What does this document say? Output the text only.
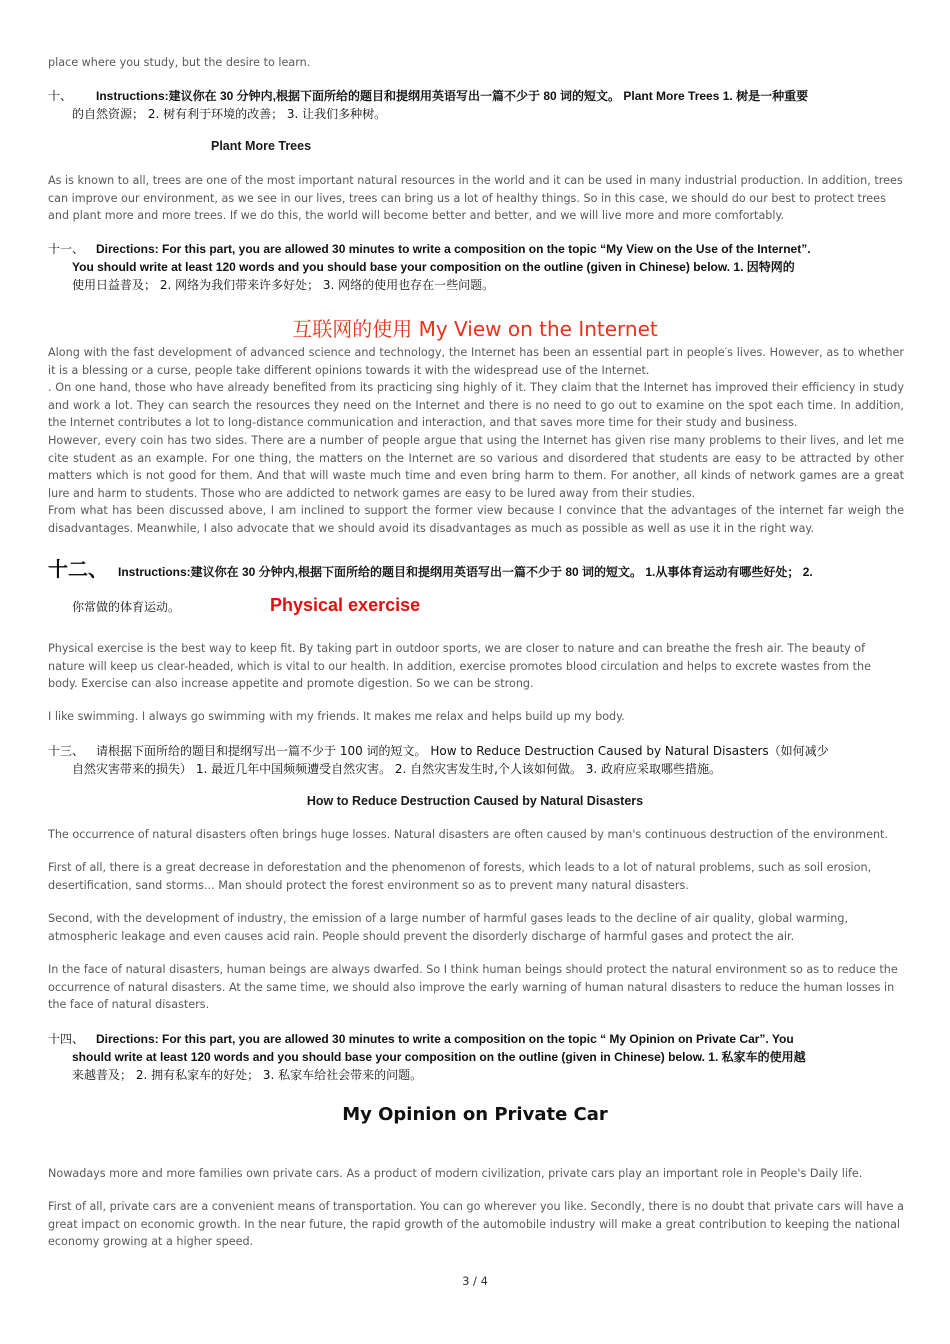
place where you study, but the desire to learn.
十、 Instructions:建议你在 30 分钟内,根据下面所给的题目和提纲用英语写出一篇不少于 80 词的短文。 Plant More Trees 1. 树是一种重要
的自然资源； 2. 树有利于环境的改善； 3. 让我们多种树。
Plant More Trees
As is known to all, trees are one of the most important natural resources in the world and it can be used in many industrial production. In addition, trees can improve our environment, as we see in our lives, trees can bring us a lot of healthy things. So in this case, we should do our best to protect trees and plant more and more trees. If we do this, the world will become better and better, and we will live more and more comfortably.
十一、 Directions: For this part, you are allowed 30 minutes to write a composition on the topic “My View on the Use of the Internet”.
You should write at least 120 words and you should base your composition on the outline (given in Chinese) below. 1. 因特网的
使用日益普及； 2. 网络为我们带来许多好处； 3. 网络的使用也存在一些问题。
互联网的使用 My View on the Internet
Along with the fast development of advanced science and technology, the Internet has been an essential part in people′s lives. However, as to whether it is a blessing or a curse, people take different opinions towards it with the widespread use of the Internet.
. On one hand, those who have already benefited from its practicing sing highly of it. They claim that the Internet has improved their efficiency in study and work a lot. They can search the resources they need on the Internet and there is no need to go out to examine on the spot each time. In addition, the Internet contributes a lot to long-distance communication and interaction, and that saves more time for their study and business.
However, every coin has two sides. There are a number of people argue that using the Internet has given rise many problems to their lives, and let me cite student as an example. For one thing, the matters on the Internet are so various and disordered that students are easy to be attracted by other matters which is not good for them. And that will waste much time and even bring harm to them. For another, all kinds of network games are a great lure and harm to students. Those who are addicted to network games are easy to be lured away from their studies.
From what has been discussed above, I am inclined to support the former view because I convince that the advantages of the internet far weigh the disadvantages. Meanwhile, I also advocate that we should avoid its disadvantages as much as possible as well as use it in the right way.
十二、 Instructions:建议你在 30 分钟内,根据下面所给的题目和提纲用英语写出一篇不少于 80 词的短文。 1.从事体育运动有哪些好处； 2.
你常做的体育运动。	Physical exercise
Physical exercise is the best way to keep fit. By taking part in outdoor sports, we are closer to nature and can breathe the fresh air. The beauty of nature will keep us clear-headed, which is vital to our health. In addition, exercise promotes blood circulation and helps to excrete wastes from the body. Exercise can also increase appetite and promote digestion. So we can be strong.
I like swimming. I always go swimming with my friends. It makes me relax and helps build up my body.
十三、 请根据下面所给的题目和提纲写出一篇不少于 100 词的短文。 How to Reduce Destruction Caused by Natural Disasters（如何减少
自然灾害带来的损失） 1. 最近几年中国频频遭受自然灾害。 2. 自然灾害发生时,个人该如何做。 3. 政府应采取哪些措施。
How to Reduce Destruction Caused by Natural Disasters
The occurrence of natural disasters often brings huge losses. Natural disasters are often caused by man's continuous destruction of the environment.
First of all, there is a great decrease in deforestation and the phenomenon of forests, which leads to a lot of natural problems, such as soil erosion, desertification, sand storms... Man should protect the forest environment so as to prevent many natural disasters.
Second, with the development of industry, the emission of a large number of harmful gases leads to the decline of air quality, global warming, atmospheric leakage and even causes acid rain. People should prevent the disorderly discharge of harmful gases and protect the air.
In the face of natural disasters, human beings are always dwarfed. So I think human beings should protect the natural environment so as to reduce the occurrence of natural disasters. At the same time, we should also improve the early warning of human natural disasters to reduce the human losses in the face of natural disasters.
十四、 Directions: For this part, you are allowed 30 minutes to write a composition on the topic “ My Opinion on Private Car”. You
should write at least 120 words and you should base your composition on the outline (given in Chinese) below. 1. 私家车的使用越
来越普及； 2. 拥有私家车的好处； 3. 私家车给社会带来的问题。
My Opinion on Private Car
Nowadays more and more families own private cars. As a product of modern civilization, private cars play an important role in People's Daily life.
First of all, private cars are a convenient means of transportation. You can go wherever you like. Secondly, there is no doubt that private cars will have a great impact on economic growth. In the near future, the rapid growth of the automobile industry will make a great contribution to keeping the national economy growing at a higher speed.
3 / 4
